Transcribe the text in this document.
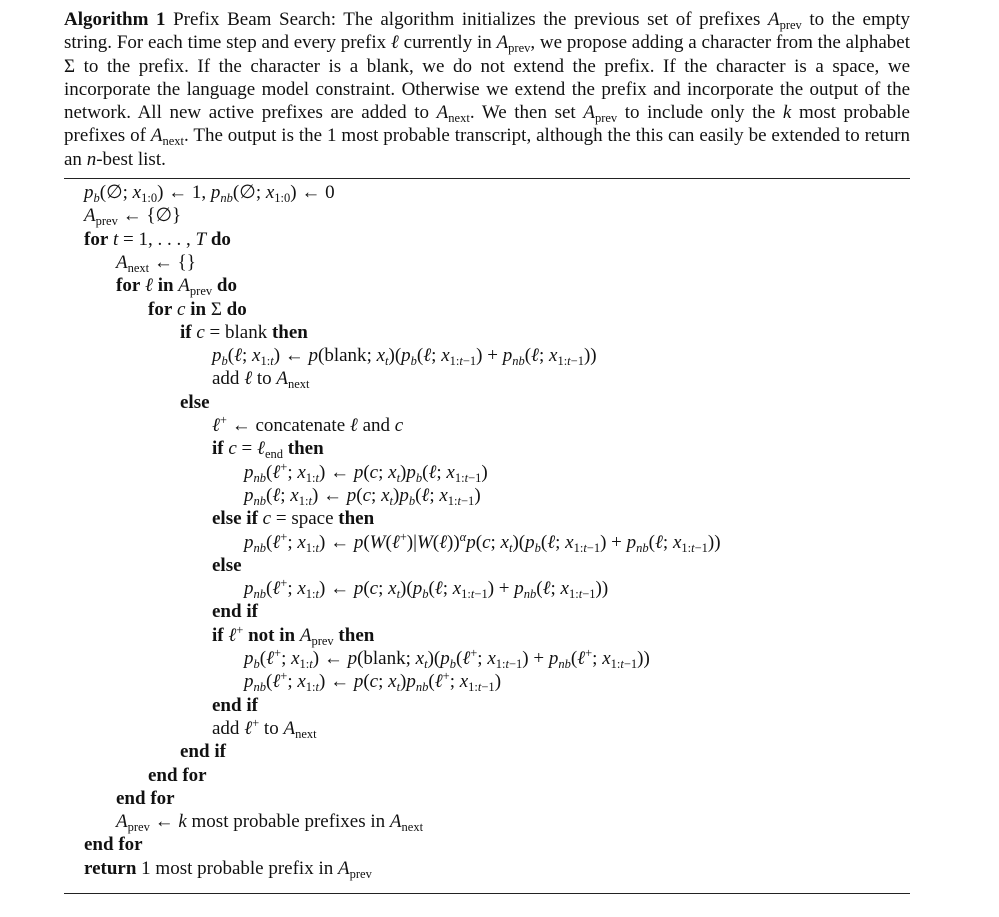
Algorithm 1 Prefix Beam Search: The algorithm initializes the previous set of prefixes $A_{prev}$ to the empty string. For each time step and every prefix ℓ currently in $A_{prev}$, we propose adding a character from the alphabet Σ to the prefix. If the character is a blank, we do not extend the prefix. If the character is a space, we incorporate the language model constraint. Otherwise we extend the prefix and incorporate the output of the network. All new active prefixes are added to $A_{next}$. We then set $A_{prev}$ to include only the k most probable prefixes of $A_{next}$. The output is the 1 most probable transcript, although the this can easily be extended to return an n-best list.
$p_b(\emptyset$; $x_{1:0}$) ← 1, $p_{nb}(\emptyset$; $x_{1:0}$) ← 0
$A_{prev}$ ← {∅}
for t = 1, . . . , T do
$A_{next}$ ← {}
for ℓ in $A_{prev}$ do
for c in Σ do
if c = blank then
$p_b(\ell$; $x_{1:t}$) ← p(blank; $x_t)(p_b(\ell$; $x_{1:t-1}$) + $p_{nb}(\ell$; $x_{1:t-1}$))
add ℓ to $A_{next}$
else
ℓ+ ← concatenate ℓ and c
if c = ℓ$_{end}$ then
$p_{nb}(\ell^+$; $x_{1:t}$) ← p(c; $x_t)p_b(\ell$; $x_{1:t-1}$)
$p_{nb}(\ell$; $x_{1:t}$) ← p(c; $x_t)p_b(\ell$; $x_{1:t-1}$)
else if c = space then
$p_{nb}(\ell^+$; $x_{1:t}$) ← p(W(ℓ+)|W(ℓ))$^\alpha$p(c; $x_t)(p_b(\ell$; $x_{1:t-1}$) + $p_{nb}(\ell$; $x_{1:t-1}$))
else
$p_{nb}(\ell^+$; $x_{1:t}$) ← p(c; $x_t)(p_b(\ell$; $x_{1:t-1}$) + $p_{nb}(\ell$; $x_{1:t-1}$))
end if
if ℓ+ not in $A_{prev}$ then
$p_b(\ell^+$; $x_{1:t}$) ← p(blank; $x_t)(p_b(\ell^+$; $x_{1:t-1}$) + $p_{nb}(\ell^+$; $x_{1:t-1}$))
$p_{nb}(\ell^+$; $x_{1:t}$) ← p(c; $x_t)p_{nb}(\ell^+$; $x_{1:t-1}$)
end if
add ℓ+ to $A_{next}$
end if
end for
end for
$A_{prev}$ ← k most probable prefixes in $A_{next}$
end for
return 1 most probable prefix in $A_{prev}$
